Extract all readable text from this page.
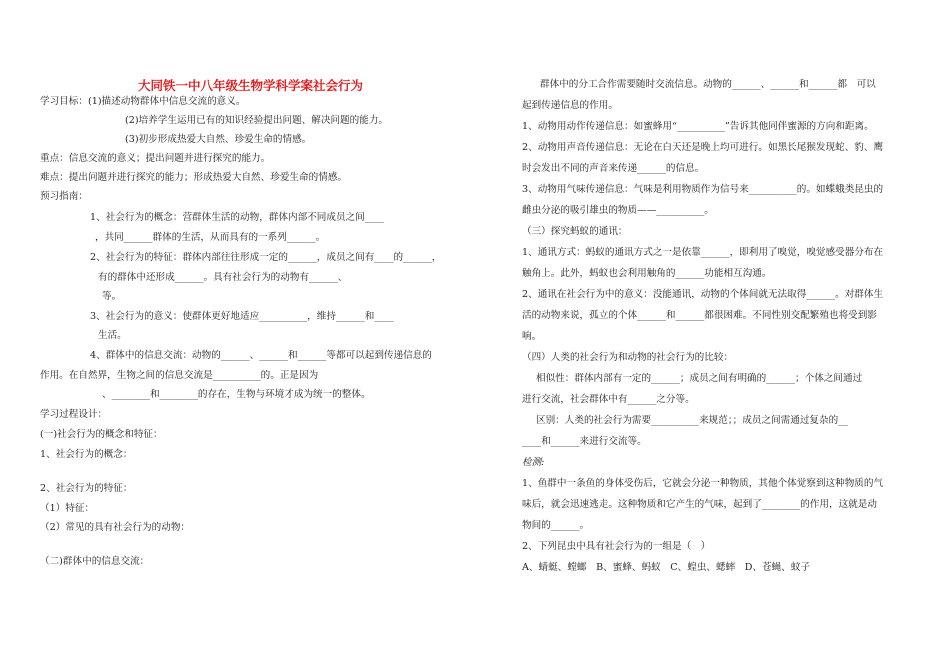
大同铁一中八年级生物学科学案社会行为
学习目标：(1)描述动物群体中信息交流的意义。
(2)培养学生运用已有的知识经验提出问题、解决问题的能力。
(3)初步形成热爱大自然、珍爱生命的情感。
重点：信息交流的意义；提出问题并进行探究的能力。
难点：提出问题并进行探究的能力；形成热爱大自然、珍爱生命的情感。
预习指南：
1、社会行为的概念：营群体生活的动物，群体内部不同成员之间____
，共同______群体的生活，从而具有的一系列______。
2、社会行为的特征：群体内部往往形成一定的______，成员之间有____的______，
有的群体中还形成______。具有社会行为的动物有______、
等。
3、社会行为的意义：使群体更好地适应__________，维持______和____
生活。
4、群体中的信息交流：动物的______、______和______等都可以起到传递信息的
作用。在自然界，生物之间的信息交流是__________的。正是因为
、________和________的存在，生物与环境才成为统一的整体。
学习过程设计：
(一)社会行为的概念和特征：
1、社会行为的概念：
2、社会行为的特征：
（1）特征：
（2）常见的具有社会行为的动物：
（二)群体中的信息交流：
群体中的分工合作需要随时交流信息。动物的______、______和______都　可以
起到传递信息的作用。
1、动物用动作传递信息：如蜜蜂用“__________”告诉其他同伴蜜源的方向和距离。
2、动物用声音传递信息：无论在白天还是晚上均可进行。如黑长尾猴发现蛇、豹、鹰
时会发出不同的声音来传递______的信息。
3、动物用气味传递信息：气味是利用物质作为信号来__________的。如蝶蛾类昆虫的
雌虫分泌的吸引雄虫的物质——__________。
（三）探究蚂蚁的通讯：
1、通讯方式：蚂蚁的通讯方式之一是依靠______，即利用了嗅觉，嗅觉感受器分布在
触角上。此外，蚂蚁也会利用触角的______功能相互沟通。
2、通讯在社会行为中的意义：没能通讯，动物的个体间就无法取得______。对群体生
活的动物来说，孤立的个体______和______都很困难。不同性别交配繁殖也将受到影
响。
（四）人类的社会行为和动物的社会行为的比较：
相似性：群体内部有一定的______；成员之间有明确的______；个体之间通过
进行交流，社会群体中有______之分等。
区别：人类的社会行为需要__________来规范；；成员之间需通过复杂的__
____和______来进行交流等。
检测:
1、鱼群中一条鱼的身体受伤后，它就会分泌一种物质，其他个体觉察到这种物质的气
味后，就会迅速逃走。这种物质和它产生的气味，起到了________的作用，这就是动
物间的______。
2、下列昆虫中具有社会行为的一组是（　）
A、蜻蜓、螳螂　B、蜜蜂、蚂蚁　C、蝗虫、蟋蟀　D、苍蝇、蚊子
